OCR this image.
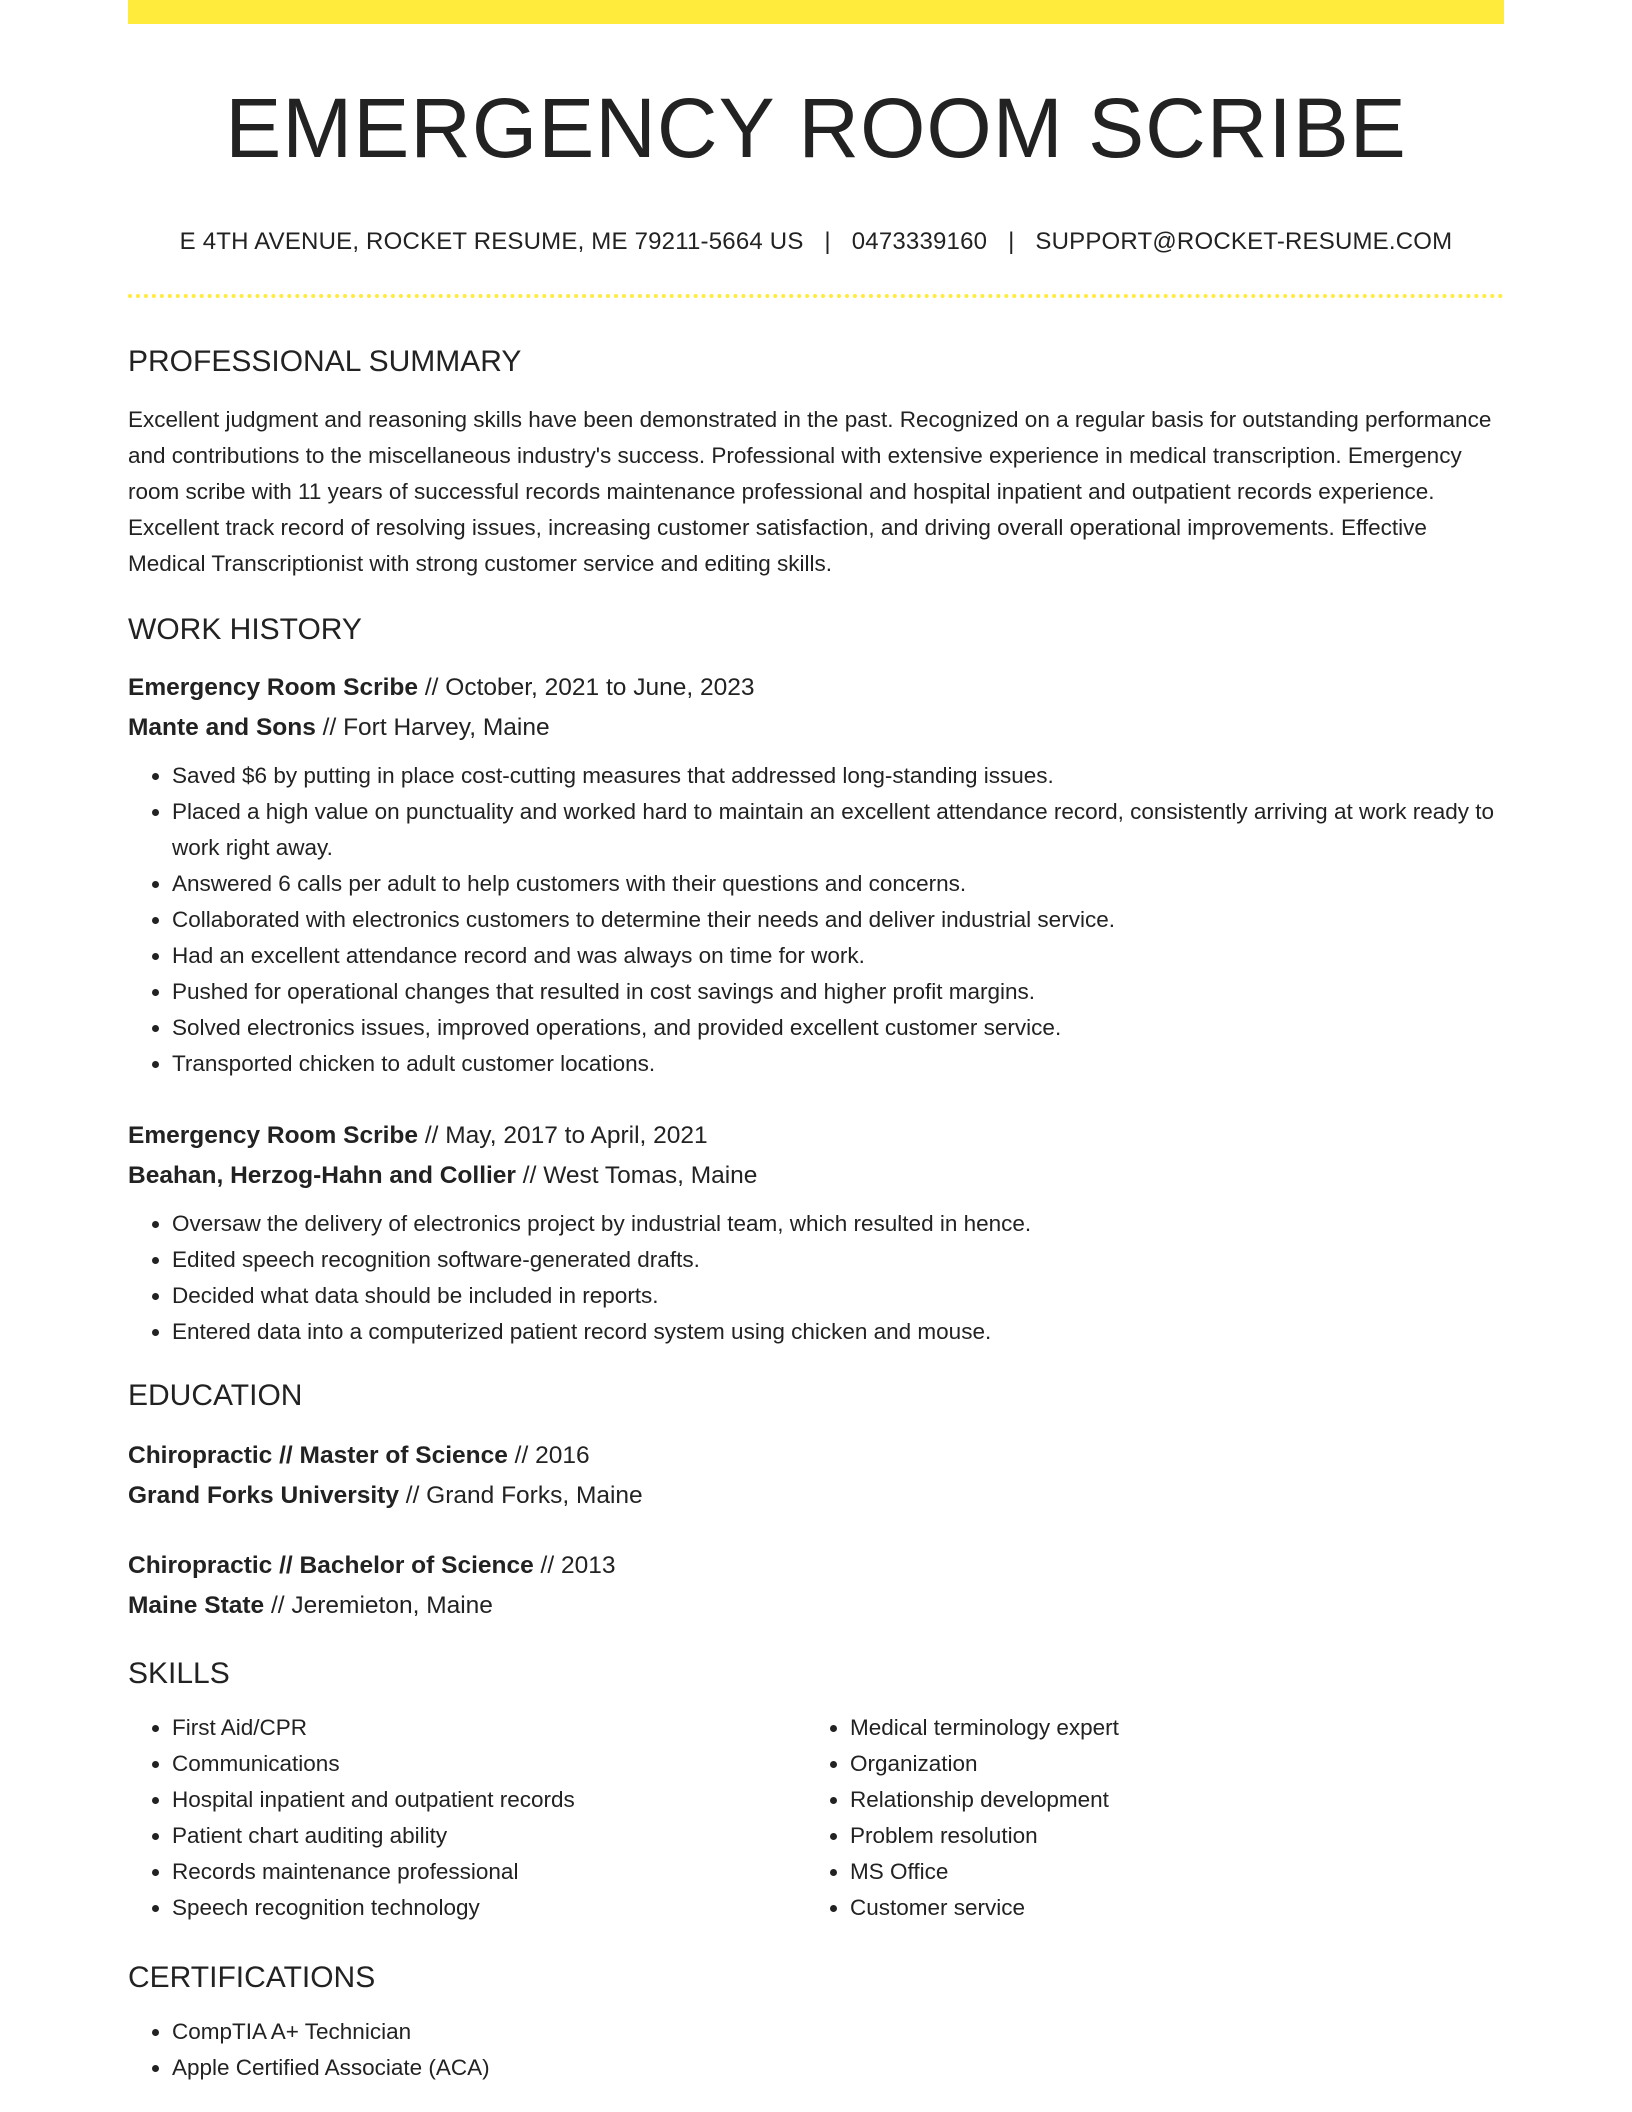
EMERGENCY ROOM SCRIBE
E 4TH AVENUE, ROCKET RESUME, ME 79211-5664 US | 0473339160 | SUPPORT@ROCKET-RESUME.COM
PROFESSIONAL SUMMARY

Excellent judgment and reasoning skills have been demonstrated in the past. Recognized on a regular basis for outstanding performance and contributions to the miscellaneous industry's success. Professional with extensive experience in medical transcription. Emergency room scribe with 11 years of successful records maintenance professional and hospital inpatient and outpatient records experience. Excellent track record of resolving issues, increasing customer satisfaction, and driving overall operational improvements. Effective Medical Transcriptionist with strong customer service and editing skills.

WORK HISTORY
Emergency Room Scribe // October, 2021 to June, 2023
Mante and Sons // Fort Harvey, Maine
• Saved $6 by putting in place cost-cutting measures that addressed long-standing issues.
• Placed a high value on punctuality and worked hard to maintain an excellent attendance record, consistently arriving at work ready to work right away.
• Answered 6 calls per adult to help customers with their questions and concerns.
• Collaborated with electronics customers to determine their needs and deliver industrial service.
• Had an excellent attendance record and was always on time for work.
• Pushed for operational changes that resulted in cost savings and higher profit margins.
• Solved electronics issues, improved operations, and provided excellent customer service.
• Transported chicken to adult customer locations.
Emergency Room Scribe // May, 2017 to April, 2021
Beahan, Herzog-Hahn and Collier // West Tomas, Maine
• Oversaw the delivery of electronics project by industrial team, which resulted in hence.
• Edited speech recognition software-generated drafts.
• Decided what data should be included in reports.
• Entered data into a computerized patient record system using chicken and mouse.
EDUCATION
Chiropractic // Master of Science // 2016
Grand Forks University // Grand Forks, Maine
Chiropractic // Bachelor of Science // 2013
Maine State // Jeremieton, Maine
SKILLS
• First Aid/CPR
• Communications
• Hospital inpatient and outpatient records
• Patient chart auditing ability
• Records maintenance professional
• Speech recognition technology
• Medical terminology expert
• Organization
• Relationship development
• Problem resolution
• MS Office
• Customer service
CERTIFICATIONS
• CompTIA A+ Technician
• Apple Certified Associate (ACA)
